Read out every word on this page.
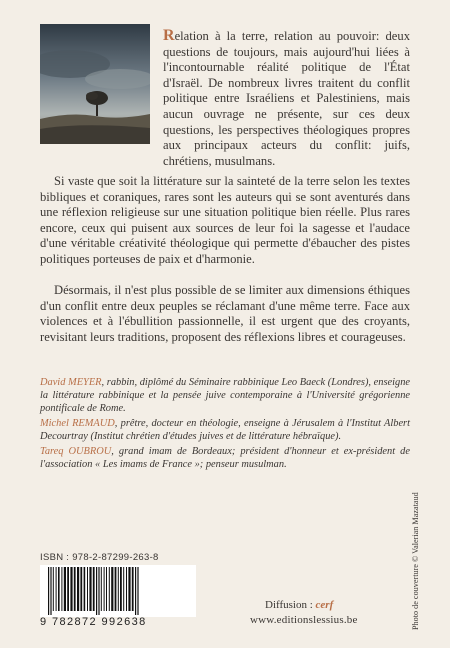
Relation à la terre, relation au pouvoir: deux questions de toujours, mais aujourd'hui liées à l'incontournable réalité politique de l'État d'Israël. De nombreux livres traitent du conflit politique entre Israéliens et Palestiniens, mais aucun ouvrage ne présente, sur ces deux questions, les perspectives théologiques propres aux principaux acteurs du conflit: juifs, chrétiens, musulmans.

Si vaste que soit la littérature sur la sainteté de la terre selon les textes bibliques et coraniques, rares sont les auteurs qui se sont aventurés dans une réflexion religieuse sur une situation politique bien réelle. Plus rares encore, ceux qui puisent aux sources de leur foi la sagesse et l'audace d'une véritable créativité théologique qui permette d'ébaucher des pistes politiques porteuses de paix et d'harmonie.

Désormais, il n'est plus possible de se limiter aux dimensions éthiques d'un conflit entre deux peuples se réclamant d'une même terre. Face aux violences et à l'ébullition passionnelle, il est urgent que des croyants, revisitant leurs traditions, proposent des réflexions libres et courageuses.

David MEYER, rabbin, diplômé du Séminaire rabbinique Leo Baeck (Londres), enseigne la littérature rabbinique et la pensée juive contemporaine à l'Université grégorienne pontificale de Rome.

Michel REMAUD, prêtre, docteur en théologie, enseigne à Jérusalem à l'Institut Albert Decourtray (Institut chrétien d'études juives et de littérature hébraïque).

Tareq OUBROU, grand imam de Bordeaux; président d'honneur et ex-président de l'association « Les imams de France »; penseur musulman.

ISBN : 978-2-87299-263-8
9 782872 992638
Diffusion : cerf
www.editionslessius.be	Photo de couverture © Valerian Mazataud
